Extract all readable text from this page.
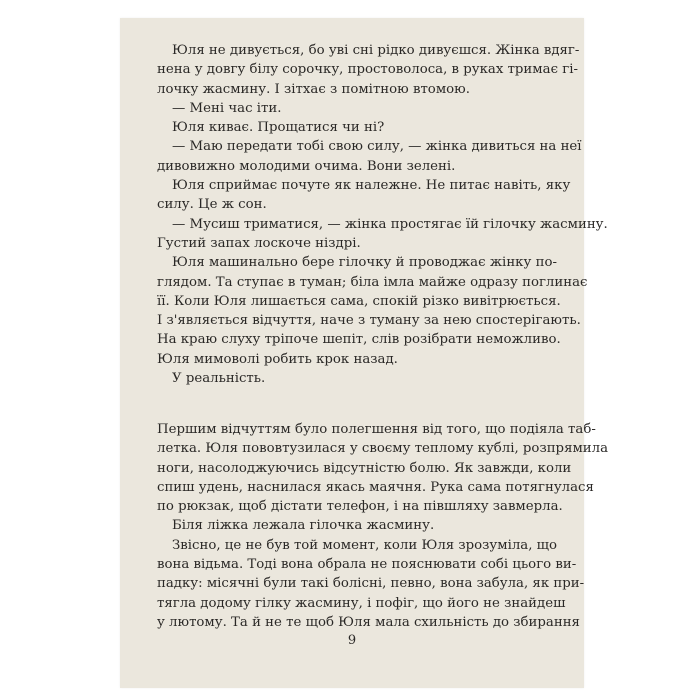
Юля не дивується, бо уві сні рідко дивуєшся. Жінка вдяг-
нена у довгу білу сорочку, простоволоса, в руках тримає гі-
лочку жасмину. І зітхає з помітною втомою.
— Мені час іти.
Юля киває. Прощатися чи ні?
— Маю передати тобі свою силу, — жінка дивиться на неї
дивовижно молодими очима. Вони зелені.
Юля сприймає почуте як належне. Не питає навіть, яку
силу. Це ж сон.
— Мусиш триматися, — жінка простягає їй гілочку жасмину.
Густий запах лоскоче ніздрі.
Юля машинально бере гілочку й проводжає жінку по-
глядом. Та ступає в туман; біла імла майже одразу поглинає
її. Коли Юля лишається сама, спокій різко вивітрюється.
І з'являється відчуття, наче з туману за нею спостерігають.
На краю слуху тріпоче шепіт, слів розібрати неможливо.
Юля мимоволі робить крок назад.
У реальність.
Першим відчуттям було полегшення від того, що подіяла таб-
летка. Юля пововтузилася у своєму теплому кублі, розпрямила
ноги, насолоджуючись відсутністю болю. Як завжди, коли
спиш удень, наснилася якась маячня. Рука сама потягнулася
по рюкзак, щоб дістати телефон, і на півшляху завмерла.
Біля ліжка лежала гілочка жасмину.
Звісно, це не був той момент, коли Юля зрозуміла, що
вона відьма. Тоді вона обрала не пояснювати собі цього ви-
падку: місячні були такі болісні, певно, вона забула, як при-
тягла додому гілку жасмину, і пофіг, що його не знайдеш
у лютому. Та й не те щоб Юля мала схильність до збирання
9
